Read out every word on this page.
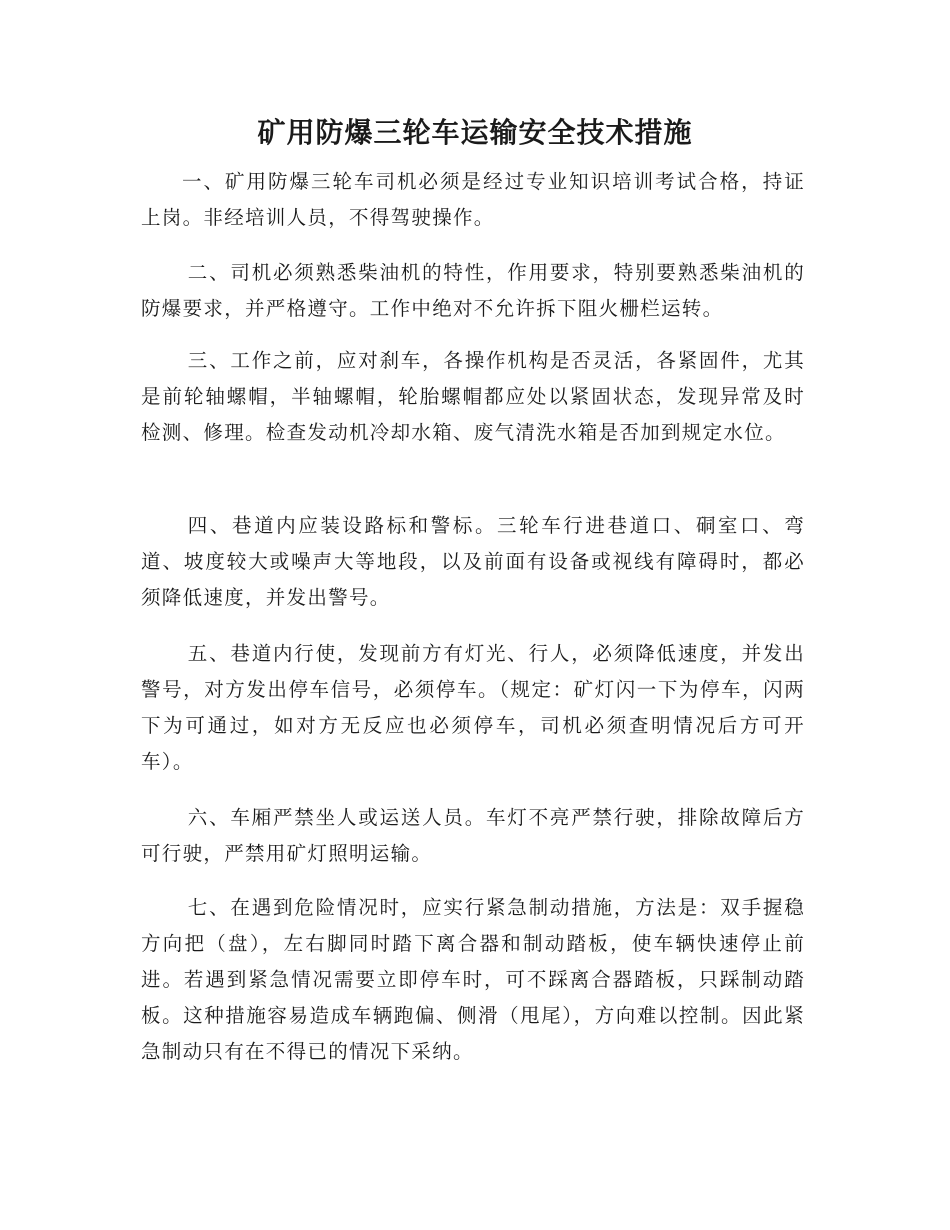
矿用防爆三轮车运输安全技术措施

一、矿用防爆三轮车司机必须是经过专业知识培训考试合格，持证上岗。非经培训人员，不得驾驶操作。

二、司机必须熟悉柴油机的特性，作用要求，特别要熟悉柴油机的防爆要求，并严格遵守。工作中绝对不允许拆下阻火栅栏运转。

三、工作之前，应对刹车，各操作机构是否灵活，各紧固件，尤其是前轮轴螺帽，半轴螺帽，轮胎螺帽都应处以紧固状态，发现异常及时检测、修理。检查发动机冷却水箱、废气清洗水箱是否加到规定水位。

四、巷道内应装设路标和警标。三轮车行进巷道口、硐室口、弯道、坡度较大或噪声大等地段，以及前面有设备或视线有障碍时，都必须降低速度，并发出警号。

五、巷道内行使，发现前方有灯光、行人，必须降低速度，并发出警号，对方发出停车信号，必须停车。（规定：矿灯闪一下为停车，闪两下为可通过，如对方无反应也必须停车，司机必须查明情况后方可开车）。

六、车厢严禁坐人或运送人员。车灯不亮严禁行驶，排除故障后方可行驶，严禁用矿灯照明运输。

七、在遇到危险情况时，应实行紧急制动措施，方法是：双手握稳方向把（盘），左右脚同时踏下离合器和制动踏板，使车辆快速停止前进。若遇到紧急情况需要立即停车时，可不踩离合器踏板，只踩制动踏板。这种措施容易造成车辆跑偏、侧滑（甩尾），方向难以控制。因此紧急制动只有在不得已的情况下采纳。
